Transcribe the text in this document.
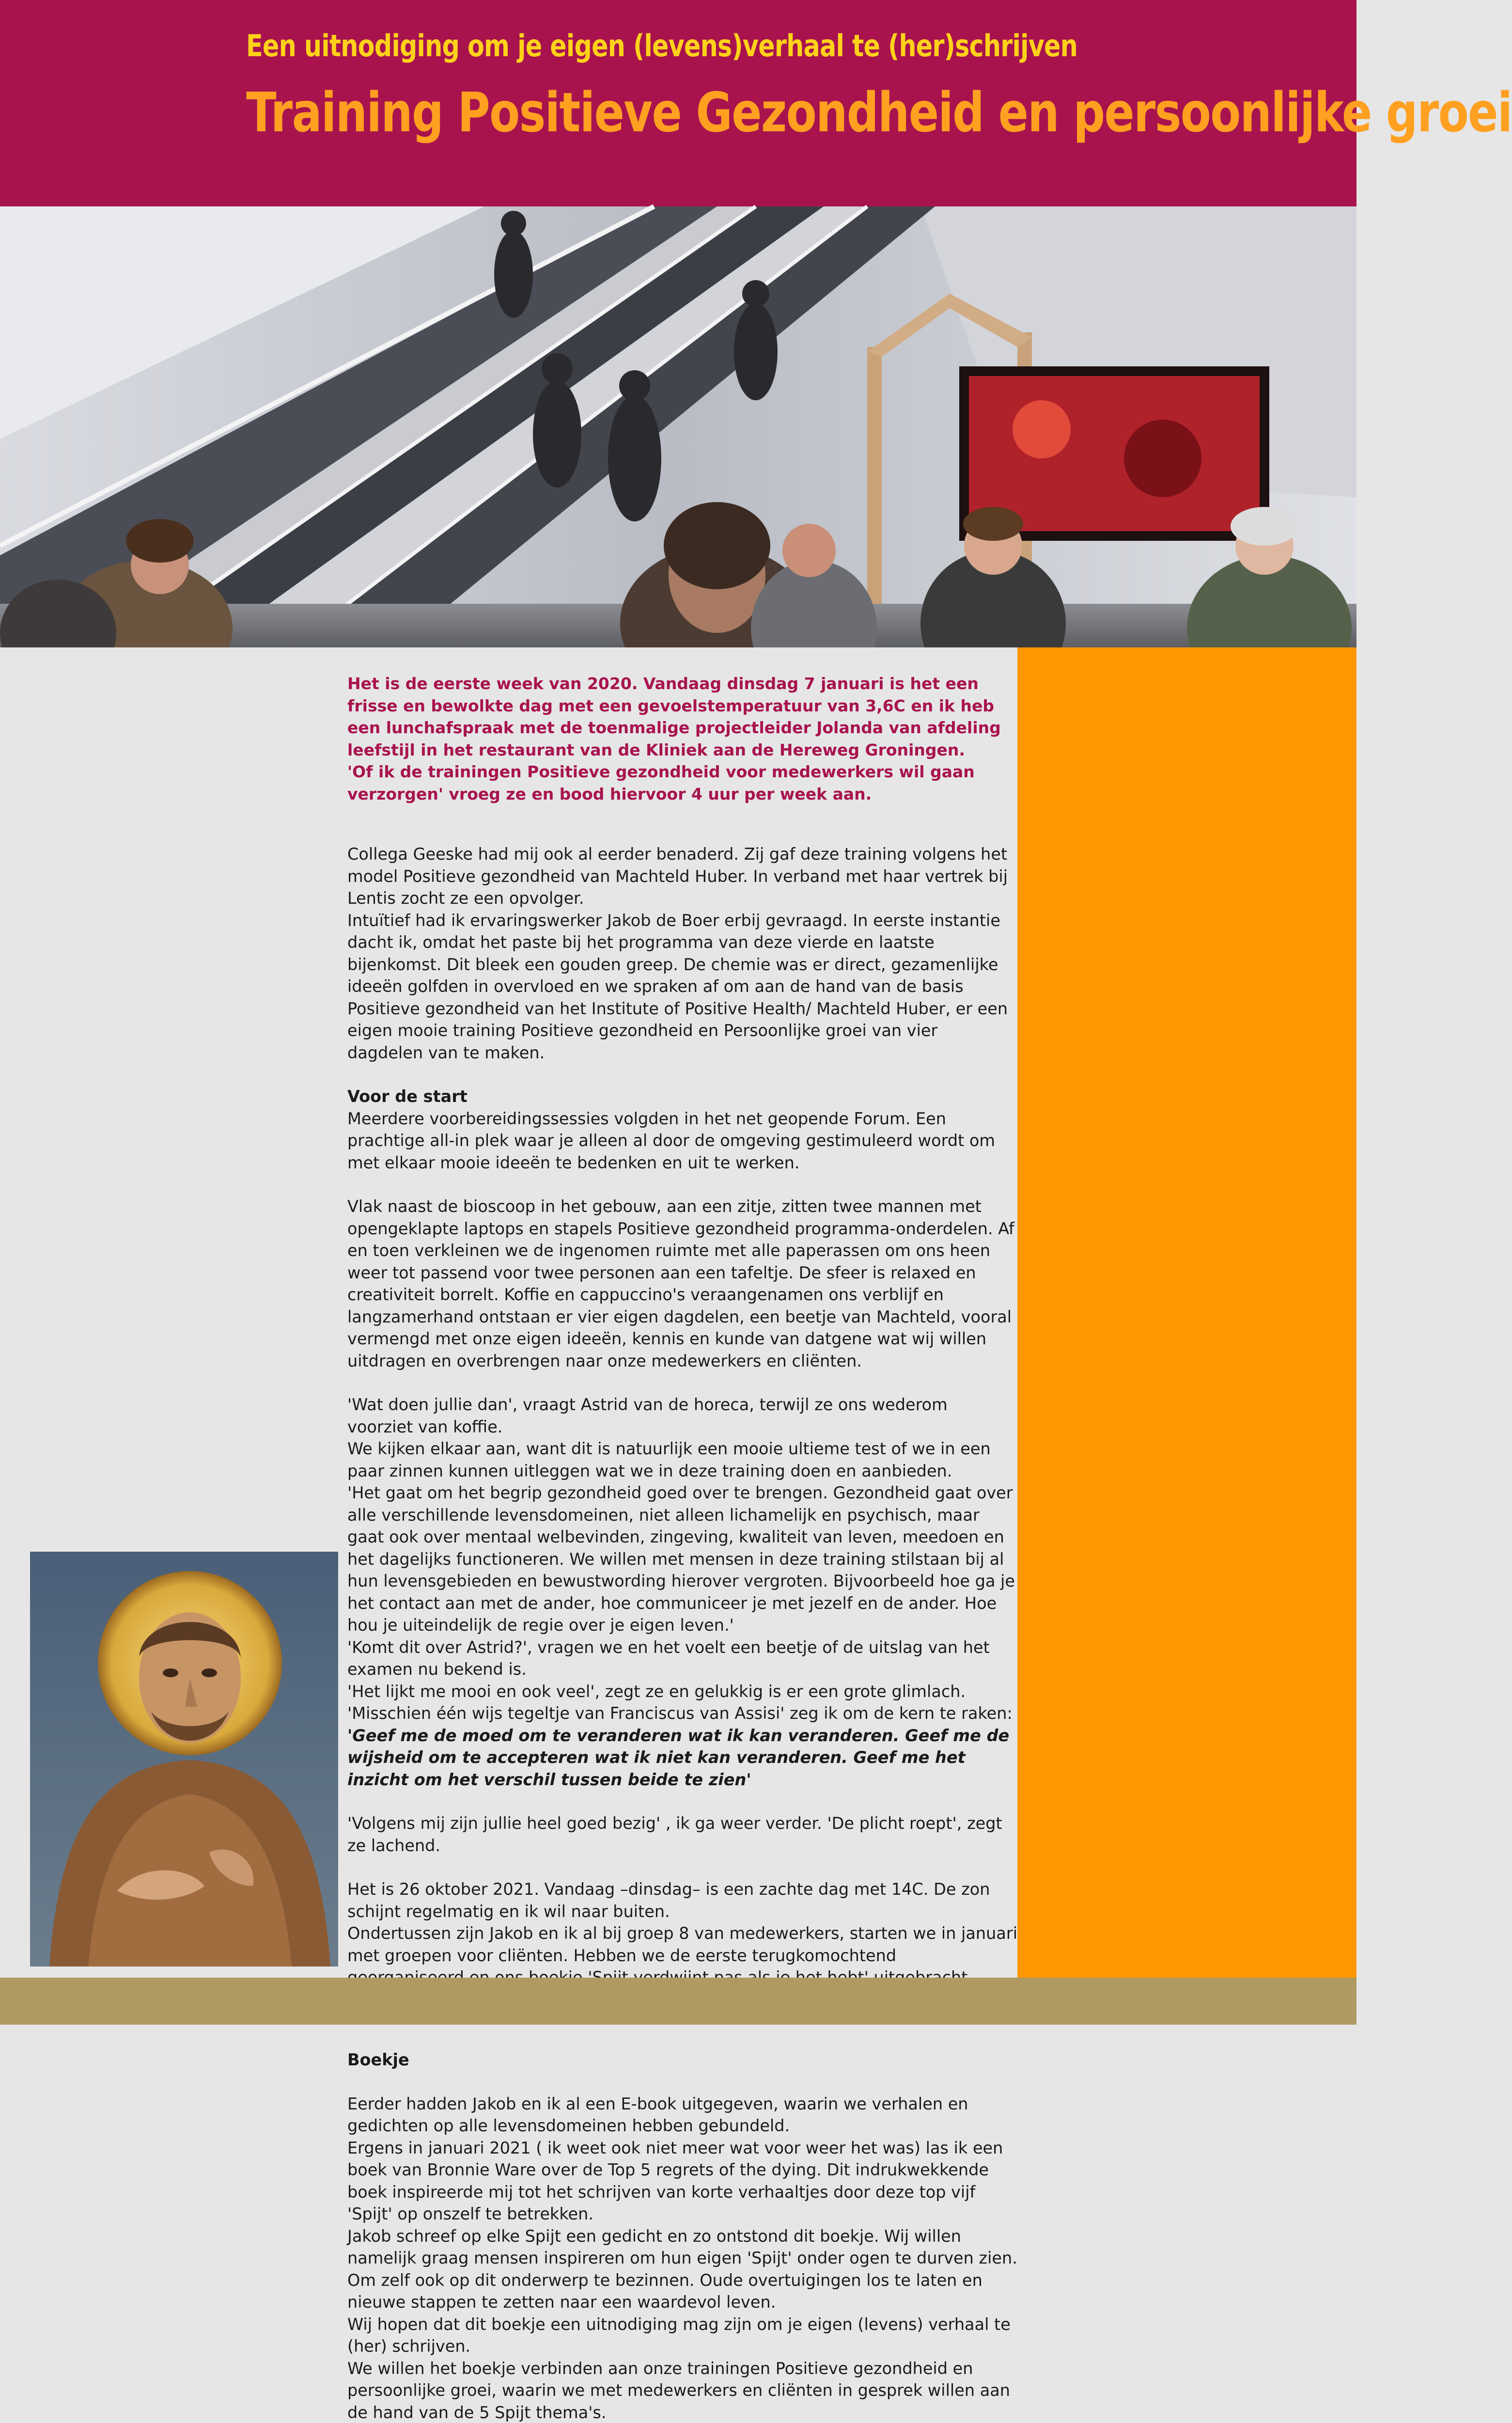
Een uitnodiging om je eigen (levens)verhaal te (her)schrijven
Training Positieve Gezondheid en persoonlijke groei

Het is de eerste week van 2020. Vandaag dinsdag 7 januari is het een frisse en bewolkte dag met een gevoelstemperatuur van 3,6C en ik heb een lunchafspraak met de toenmalige projectleider Jolanda van afdeling leefstijl in het restaurant van de Kliniek aan de Hereweg Groningen.

'Of ik de trainingen Positieve gezondheid voor medewerkers wil gaan verzorgen' vroeg ze en bood hiervoor 4 uur per week aan.

Collega Geeske had mij ook al eerder benaderd. Zij gaf deze training volgens het model Positieve gezondheid van Machteld Huber. In verband met haar vertrek bij Lentis zocht ze een opvolger.
Intuïtief had ik ervaringswerker Jakob de Boer erbij gevraagd. In eerste instantie dacht ik, omdat het paste bij het programma van deze vierde en laatste bijenkomst. Dit bleek een gouden greep. De chemie was er direct, gezamenlijke ideeën golfden in overvloed en we spraken af om aan de hand van de basis Positieve gezondheid van het Institute of Positive Health/ Machteld Huber, er een eigen mooie training Positieve gezondheid en Persoonlijke groei van vier dagdelen van te maken.

Voor de start

Meerdere voorbereidingssessies volgden in het net geopende Forum. Een prachtige all-in plek waar je alleen al door de omgeving gestimuleerd wordt om met elkaar mooie ideeën te bedenken en uit te werken.

Vlak naast de bioscoop in het gebouw, aan een zitje, zitten twee mannen met opengeklapte laptops en stapels Positieve gezondheid programma-onderdelen. Af en toen verkleinen we de ingenomen ruimte met alle paperassen om ons heen weer tot passend voor twee personen aan een tafeltje. De sfeer is relaxed en creativiteit borrelt. Koffie en cappuccino's veraangenamen ons verblijf en langzamerhand ontstaan er vier eigen dagdelen, een beetje van Machteld, vooral vermengd met onze eigen ideeën, kennis en kunde van datgene wat wij willen uitdragen en overbrengen naar onze medewerkers en cliënten.

'Wat doen jullie dan', vraagt Astrid van de horeca, terwijl ze ons wederom voorziet van koffie.
We kijken elkaar aan, want dit is natuurlijk een mooie ultieme test of we in een paar zinnen kunnen uitleggen wat we in deze training doen en aanbieden.
'Het gaat om het begrip gezondheid goed over te brengen. Gezondheid gaat over alle verschillende levensdomeinen, niet alleen lichamelijk en psychisch, maar gaat ook over mentaal welbevinden, zingeving, kwaliteit van leven, meedoen en het dagelijks functioneren. We willen met mensen in deze training stilstaan bij al hun levensgebieden en bewustwording hierover vergroten. Bijvoorbeeld hoe ga je het contact aan met de ander, hoe communiceer je met jezelf en de ander. Hoe hou je uiteindelijk de regie over je eigen leven.'
'Komt dit over Astrid?', vragen we en het voelt een beetje of de uitslag van het examen nu bekend is.
'Het lijkt me mooi en ook veel', zegt ze en gelukkig is er een grote glimlach.
'Misschien één wijs tegeltje van Franciscus van Assisi' zeg ik om de kern te raken:

'Geef me de moed om te veranderen wat ik kan veranderen. Geef me de wijsheid om te accepteren wat ik niet kan veranderen. Geef me het inzicht om het verschil tussen beide te zien'

'Volgens mij zijn jullie heel goed bezig' , ik ga weer verder. 'De plicht roept', zegt ze lachend.

Het is 26 oktober 2021. Vandaag –dinsdag– is een zachte dag met 14C. De zon schijnt regelmatig en ik wil naar buiten.
Ondertussen zijn Jakob en ik al bij groep 8 van medewerkers, starten we in januari met groepen voor cliënten. Hebben we de eerste terugkomochtend

Boekje

Eerder hadden Jakob en ik al een E-book uitgegeven, waarin we verhalen en gedichten op alle levensdomeinen hebben gebundeld.
Ergens in januari 2021 ( ik weet ook niet meer wat voor weer het was) las ik een boek van Bronnie Ware over de Top 5 regrets of the dying. Dit indrukwekkende boek inspireerde mij tot het schrijven van korte verhaaltjes door deze top vijf 'Spijt' op onszelf te betrekken.
Jakob schreef op elke Spijt een gedicht en zo ontstond dit boekje. Wij willen namelijk graag mensen inspireren om hun eigen 'Spijt' onder ogen te durven zien. Om zelf ook op dit onderwerp te bezinnen. Oude overtuigingen los te laten en nieuwe stappen te zetten naar een waardevol leven.
Wij hopen dat dit boekje een uitnodiging mag zijn om je eigen (levens) verhaal te (her) schrijven.
We willen het boekje verbinden aan onze trainingen Positieve gezondheid en persoonlijke groei, waarin we met medewerkers en cliënten in gesprek willen aan de hand van de 5 Spijt thema's.
